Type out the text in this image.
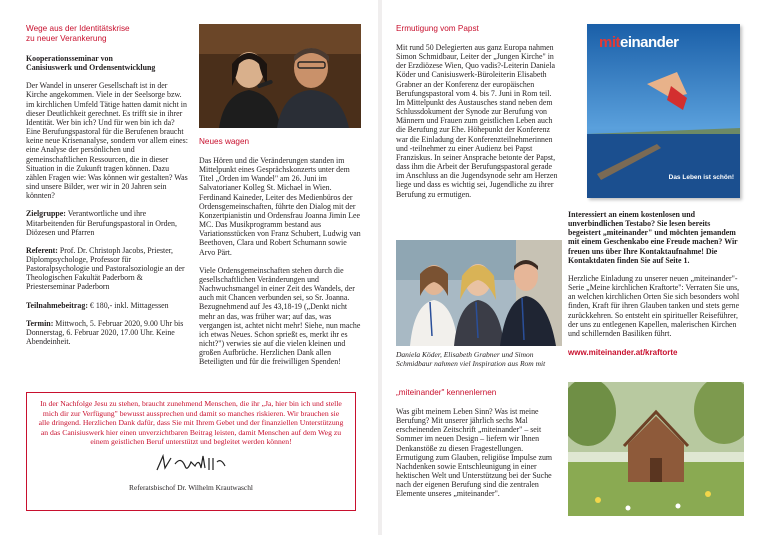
Wege aus der Identitätskrise
zu neuer Verankerung
Kooperationsseminar von
Canisiuswerk und Ordensentwicklung

Der Wandel in unserer Gesellschaft ist in der Kirche angekommen. Viele in der Seelsorge bzw. im kirchlichen Umfeld Tätige hatten damit nicht in dieser Deutlichkeit gerechnet. Es trifft sie in ihrer Identität. Wer bin ich? Und für wen bin ich da? Eine Berufungspastoral für die Berufenen braucht keine neue Krisenanalyse, sondern vor allem eines: eine Analyse der persönlichen und gemeinschaftlichen Ressourcen, die in dieser Situation in die Zukunft tragen können. Dazu zählen Fragen wie: Was können wir gestalten? Was sind unsere Bilder, wer wir in 20 Jahren sein könnten?

Zielgruppe: Verantwortliche und ihre Mitarbeitenden für Berufungspastoral in Orden, Diözesen und Pfarren

Referent: Prof. Dr. Christoph Jacobs, Priester, Diplompsychologe, Professor für Pastoralpsychologie und Pastoralsoziologie an der Theologischen Fakultät Paderborn & Priesterseminar Paderborn

Teilnahmebeitrag: € 180,- inkl. Mittagessen

Termin: Mittwoch, 5. Februar 2020, 9.00 Uhr bis Donnerstag, 6. Februar 2020, 17.00 Uhr. Keine Abendeinheit.

Neues wagen

Das Hören und die Veränderungen standen im Mittelpunkt eines Gesprächskonzerts unter dem Titel „Orden im Wandel" am 26. Juni im Salvatorianer Kolleg St. Michael in Wien. Ferdinand Kaineder, Leiter des Medienbüros der Ordensgemeinschaften, führte den Dialog mit der Konzertpianistin und Ordensfrau Joanna Jimin Lee MC. Das Musikprogramm bestand aus Variationsstücken von Franz Schubert, Ludwig van Beethoven, Clara und Robert Schumann sowie Arvo Pärt.

Viele Ordensgemeinschaften stehen durch die gesellschaftlichen Veränderungen und Nachwuchsmangel in einer Zeit des Wandels, der auch mit Chancen verbunden sei, so Sr. Joanna. Bezugnehmend auf Jes 43,18-19 („Denkt nicht mehr an das, was früher war; auf das, was vergangen ist, achtet nicht mehr! Siehe, nun mache ich etwas Neues. Schon sprießt es, merkt ihr es nicht?") verwies sie auf die vielen kleinen und großen Aufbrüche. Herzlichen Dank allen Beteiligten und für die freiwilligen Spenden!

In der Nachfolge Jesu zu stehen, braucht zunehmend Menschen, die ihr „Ja, hier bin ich und stelle mich dir zur Verfügung" bewusst aussprechen und damit so manches riskieren. Wir brauchen sie alle dringend. Herzlichen Dank dafür, dass Sie mit Ihrem Gebet und der finanziellen Unterstützung an das Canisiuswerk hier einen unverzichtbaren Beitrag leisten, damit Menschen auf dem Weg zu einem geistlichen Beruf unterstützt und begleitet werden können!

Referatsbischof Dr. Wilhelm Krautwaschl
Ermutigung vom Papst

Mit rund 50 Delegierten aus ganz Europa nahmen Simon Schmidbaur, Leiter der „Jungen Kirche" in der Erzdiözese Wien, Quo vadis?-Leiterin Daniela Köder und Canisiuswerk-Büroleiterin Elisabeth Grabner an der Konferenz der europäischen Berufungspastoral vom 4. bis 7. Juni in Rom teil. Im Mittelpunkt des Austausches stand neben dem Schlussdokument der Synode zur Berufung von Männern und Frauen zum geistlichen Leben auch die Berufung zur Ehe. Höhepunkt der Konferenz war die Einladung der Konferenzteilnehmerinnen und -teilnehmer zu einer Audienz bei Papst Franziskus. In seiner Ansprache betonte der Papst, dass ihm die Arbeit der Berufungspastoral gerade im Anschluss an die Jugendsynode sehr am Herzen liege und dass es wichtig sei, Jugendliche zu ihrer Berufung zu ermutigen.

Daniela Köder, Elisabeth Grabner und Simon Schmidbaur nahmen viel Inspiration aus Rom mit
„miteinander" kennenlernen

Was gibt meinem Leben Sinn? Was ist meine Berufung? Mit unserer jährlich sechs Mal erscheinenden Zeitschrift „miteinander" – seit Sommer im neuen Design – liefern wir Ihnen Denkanstöße zu diesen Fragestellungen. Ermutigung zum Glauben, religiöse Impulse zum Nachdenken sowie Entschleunigung in einer hektischen Welt und Unterstützung bei der Suche nach der eigenen Berufung sind die zentralen Elemente unseres „miteinander".

miteinander
Das Leben ist schön!

Interessiert an einem kostenlosen und unverbindlichen Testabo? Sie lesen bereits begeistert „miteinander" und möchten jemandem mit einem Geschenkabo eine Freude machen? Wir freuen uns über Ihre Kontaktaufnahme! Die Kontaktdaten finden Sie auf Seite 1.

Herzliche Einladung zu unserer neuen „miteinander"-Serie „Meine kirchlichen Kraftorte": Verraten Sie uns, an welchen kirchlichen Orten Sie sich besonders wohl finden, Kraft für ihren Glauben tanken und stets gerne zurückkehren. So entsteht ein spiritueller Reiseführer, der uns zu entlegenen Kapellen, malerischen Kirchen und schillernden Basiliken führt.

www.miteinander.at/kraftorte
